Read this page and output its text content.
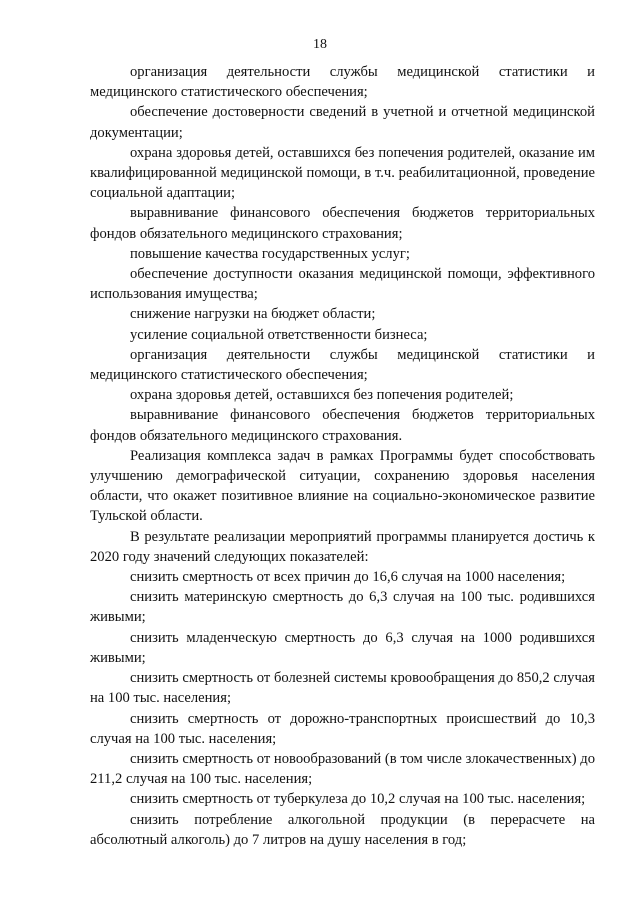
18

организация деятельности службы медицинской статистики и медицинского статистического обеспечения;

обеспечение достоверности сведений в учетной и отчетной медицинской документации;

охрана здоровья детей, оставшихся без попечения родителей, оказание им квалифицированной медицинской помощи, в т.ч. реабилитационной, проведение социальной адаптации;

выравнивание финансового обеспечения бюджетов территориальных фондов обязательного медицинского страхования;

повышение качества государственных услуг;

обеспечение доступности оказания медицинской помощи, эффективного использования имущества;

снижение нагрузки на бюджет области;

усиление социальной ответственности бизнеса;

организация деятельности службы медицинской статистики и медицинского статистического обеспечения;

охрана здоровья детей, оставшихся без попечения родителей;

выравнивание финансового обеспечения бюджетов территориальных фондов обязательного медицинского страхования.

Реализация комплекса задач в рамках Программы будет способствовать улучшению демографической ситуации, сохранению здоровья населения области, что окажет позитивное влияние на социально-экономическое развитие Тульской области.

В результате реализации мероприятий программы планируется достичь к 2020 году значений следующих показателей:

снизить смертность от всех причин до 16,6 случая на 1000 населения;

снизить материнскую смертность до 6,3 случая на 100 тыс. родившихся живыми;

снизить младенческую смертность до 6,3 случая на 1000 родившихся живыми;

снизить смертность от болезней системы кровообращения до 850,2 случая на 100 тыс. населения;

снизить смертность от дорожно-транспортных происшествий до 10,3 случая на 100 тыс. населения;

снизить смертность от новообразований (в том числе злокачественных) до 211,2 случая на 100 тыс. населения;

снизить смертность от туберкулеза до 10,2 случая на 100 тыс. населения;

снизить потребление алкогольной продукции (в перерасчете на абсолютный алкоголь) до 7 литров на душу населения в год;
